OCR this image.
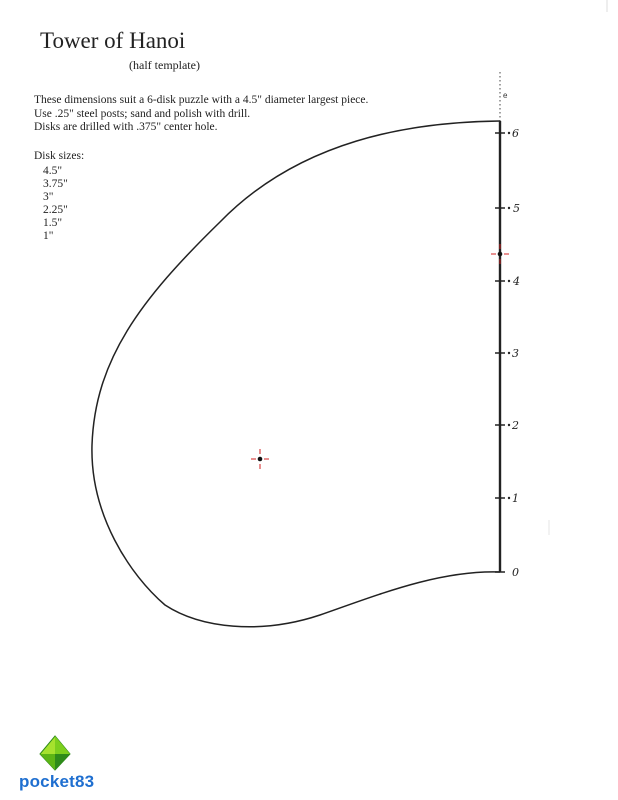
Tower of Hanoi
(half template)
These dimensions suit a 6-disk puzzle with a 4.5" diameter largest piece.
Use .25" steel posts; sand and polish with drill.
Disks are drilled with .375" center hole.
Disk sizes:
4.5"
3.75"
3"
2.25"
1.5"
1"
e
6
5
4
3
2
1
0
pocket83
